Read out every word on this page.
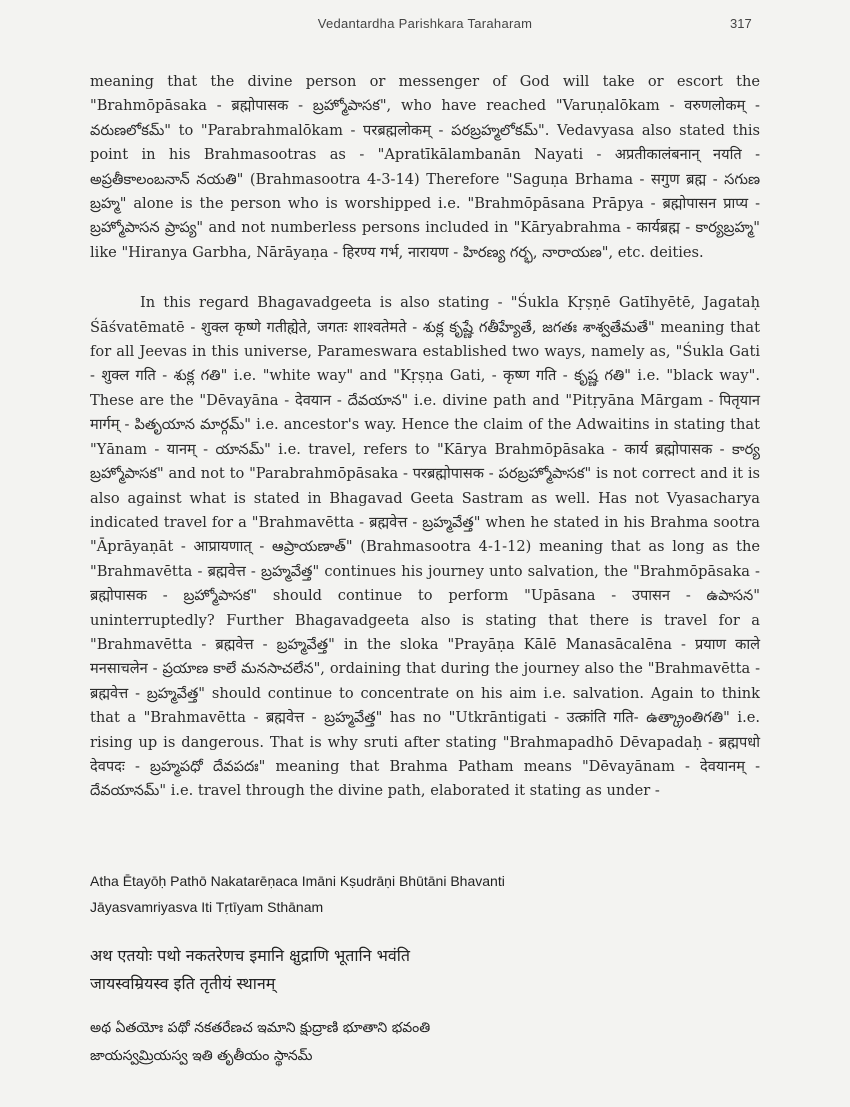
Vedantardha Parishkara Taraharam	317

meaning that the divine person or messenger of God will take or escort the "Brahmōpāsaka - ब्रह्मोपासक - బ్రహ్మోపాసక", who have reached "Varuṇalōkam - वरुणलोकम् - వరుణలోకమ్" to "Parabrahmalōkam - परब्रह्मलोकम् - పరబ్రహ్మలోకమ్". Vedavyasa also stated this point in his Brahmasootras as - "Apratīkālambanān Nayati - अप्रतीकालंबनान् नयति - అప్రతీకాలంబనాన్ నయతి" (Brahmasootra 4-3-14) Therefore "Saguṇa Brhama - सगुण ब्रह्म - సగుణ బ్రహ్మ" alone is the person who is worshipped i.e. "Brahmōpāsana Prāpya - ब्रह्मोपासन प्राप्य - బ్రహ్మోపాసన ప్రాప్య" and not numberless persons included in "Kāryabrahma - कार्यब्रह्म - కార్యబ్రహ్మ" like "Hiranya Garbha, Nārāyaṇa - हिरण्य गर्भ, नारायण - హిరణ్య గర్భ, నారాయణ", etc. deities.

In this regard Bhagavadgeeta is also stating - "Śukla Kṛṣṇē Gatīhyētē, Jagataḥ Śāśvatēmatē - शुक्ल कृष्णे गतीह्येते, जगतः शाश्वतेमते - శుక్ల కృష్ణే గతీహ్యేతే, జగతః శాశ్వతేమతే" meaning that for all Jeevas in this universe, Parameswara established two ways, namely as, "Śukla Gati - शुक्ल गति - శుక్ల గతి" i.e. "white way" and "Kṛṣṇa Gati, - कृष्ण गति - కృష్ణ గతి" i.e. "black way". These are the "Dēvayāna - देवयान - దేవయాన" i.e. divine path and "Pitṛyāna Mārgam - पितृयान मार्गम् - పితృయాన మార్గమ్" i.e. ancestor's way. Hence the claim of the Adwaitins in stating that "Yānam - यानम् - యానమ్" i.e. travel, refers to "Kārya Brahmōpāsaka - कार्य ब्रह्मोपासक - కార్య బ్రహ్మోపాసక" and not to "Parabrahmōpāsaka - परब्रह्मोपासक - పరబ్రహ్మోపాసక" is not correct and it is also against what is stated in Bhagavad Geeta Sastram as well. Has not Vyasacharya indicated travel for a "Brahmavētta - ब्रह्मवेत्त - బ్రహ్మవేత్త" when he stated in his Brahma sootra "Āprāyaṇāt - आप्रायणात् - ఆప్రాయణాత్" (Brahmasootra 4-1-12) meaning that as long as the "Brahmavētta - ब्रह्मवेत्त - బ్రహ్మవేత్త" continues his journey unto salvation, the "Brahmōpāsaka - ब्रह्मोपासक - బ్రహ్మోపాసక" should continue to perform "Upāsana - उपासन - ఉపాసన" uninterruptedly? Further Bhagavadgeeta also is stating that there is travel for a "Brahmavētta - ब्रह्मवेत्त - బ్రహ్మవేత్త" in the sloka "Prayāṇa Kālē Manasācalēna - प्रयाण काले मनसाचलेन - ప్రయాణ కాలే మనసాచలేన", ordaining that during the journey also the "Brahmavētta - ब्रह्मवेत्त - బ్రహ్మవేత్త" should continue to concentrate on his aim i.e. salvation. Again to think that a "Brahmavētta - ब्रह्मवेत्त - బ్రహ్మవేత్త" has no "Utkrāntigati - उत्क्रांति गति- ఉత్క్రాంతిగతి" i.e. rising up is dangerous. That is why sruti after stating "Brahmapadhō Dēvapadaḥ - ब्रह्मपधो देवपदः - బ్రహ్మపధో దేవపదః" meaning that Brahma Patham means "Dēvayānam - देवयानम् - దేవయానమ్" i.e. travel through the divine path, elaborated it stating as under -

Atha Ētayōḥ Pathō Nakatarēṇaca Imāni Kṣudrāṇi Bhūtāni Bhavanti
Jāyasvamriyasva Iti Tṛtīyam Sthānam
अथ एतयोः पथो नकतरेणच इमानि क्षुद्राणि भूतानि भवंति
जायस्वम्रियस्व इति तृतीयं स्थानम्
అథ ఏతయోః పథో నకతరేణచ ఇమాని క్షుద్రాణి భూతాని భవంతి
జాయస్వమ్రియస్వ ఇతి తృతీయం స్థానమ్
